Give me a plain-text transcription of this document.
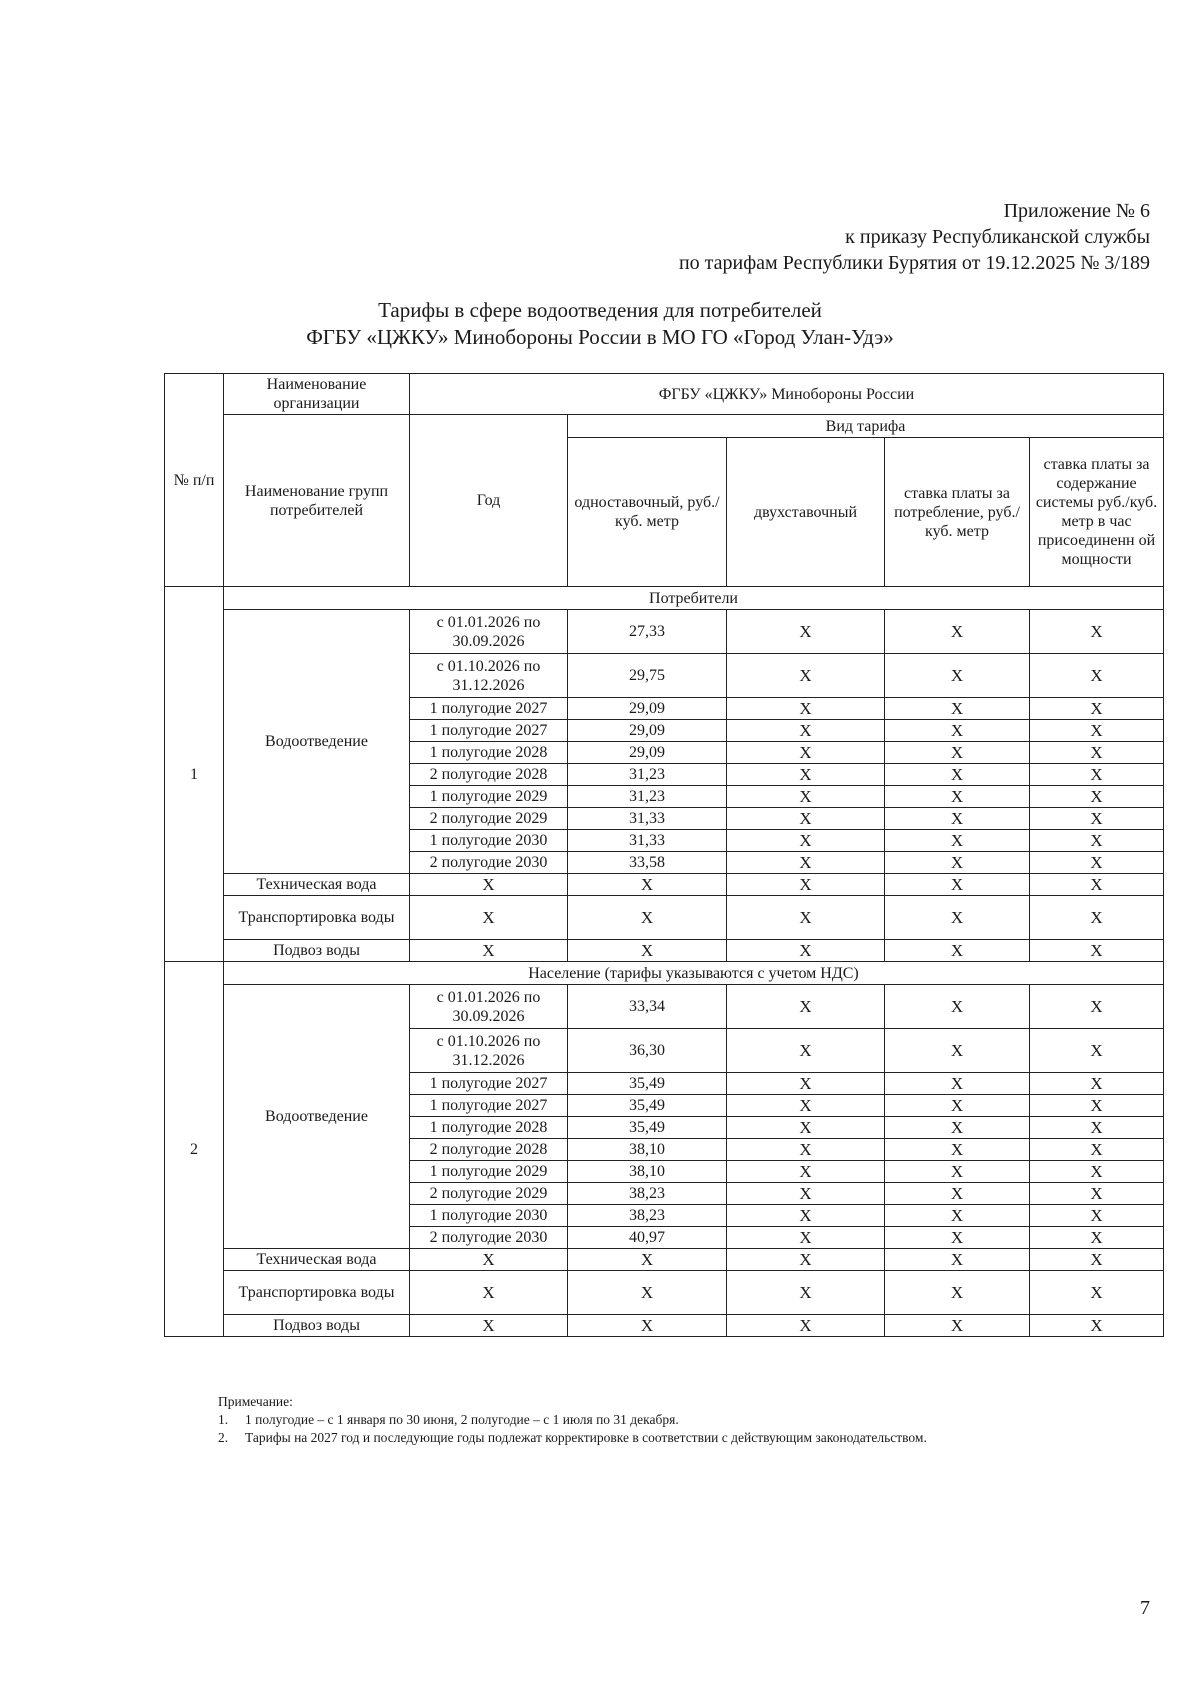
Приложение № 6
к приказу Республиканской службы
по тарифам Республики Бурятия от 19.12.2025 № 3/189
Тарифы в сфере водоотведения для потребителей
ФГБУ «ЦЖКУ» Минобороны России в МО ГО «Город Улан-Удэ»
№ п/п	Наименование организации	ФГБУ «ЦЖКУ» Минобороны России				
	Наименование групп потребителей	Год	Вид тарифа			
			одноставочный, руб./ куб. метр	двухставочный	ставка платы за потребление, руб./ куб. метр	ставка платы за содержание системы руб./куб. метр в час присоединенн ой мощности
1	Потребители					
	Водоотведение	с 01.01.2026 по 30.09.2026	27,33	X	X	X
		с 01.10.2026 по 31.12.2026	29,75	X	X	X
		1 полугодие 2027	29,09	X	X	X
		1 полугодие 2027	29,09	X	X	X
		1 полугодие 2028	29,09	X	X	X
		2 полугодие 2028	31,23	X	X	X
		1 полугодие 2029	31,23	X	X	X
		2 полугодие 2029	31,33	X	X	X
		1 полугодие 2030	31,33	X	X	X
		2 полугодие 2030	33,58	X	X	X
	Техническая вода	X	X	X	X	X
	Транспортировка воды	X	X	X	X	X
	Подвоз воды	X	X	X	X	X
2	Население (тарифы указываются с учетом НДС)					
	Водоотведение	с 01.01.2026 по 30.09.2026	33,34	X	X	X
		с 01.10.2026 по 31.12.2026	36,30	X	X	X
		1 полугодие 2027	35,49	X	X	X
		1 полугодие 2027	35,49	X	X	X
		1 полугодие 2028	35,49	X	X	X
		2 полугодие 2028	38,10	X	X	X
		1 полугодие 2029	38,10	X	X	X
		2 полугодие 2029	38,23	X	X	X
		1 полугодие 2030	38,23	X	X	X
		2 полугодие 2030	40,97	X	X	X
	Техническая вода	X	X	X	X	X
	Транспортировка воды	X	X	X	X	X
	Подвоз воды	X	X	X	X	X
Примечание:
1.	1 полугодие – с 1 января по 30 июня, 2 полугодие – с 1 июля по 31 декабря.
2.	Тарифы на 2027 год и последующие годы подлежат корректировке в соответствии с действующим законодательством.
7
